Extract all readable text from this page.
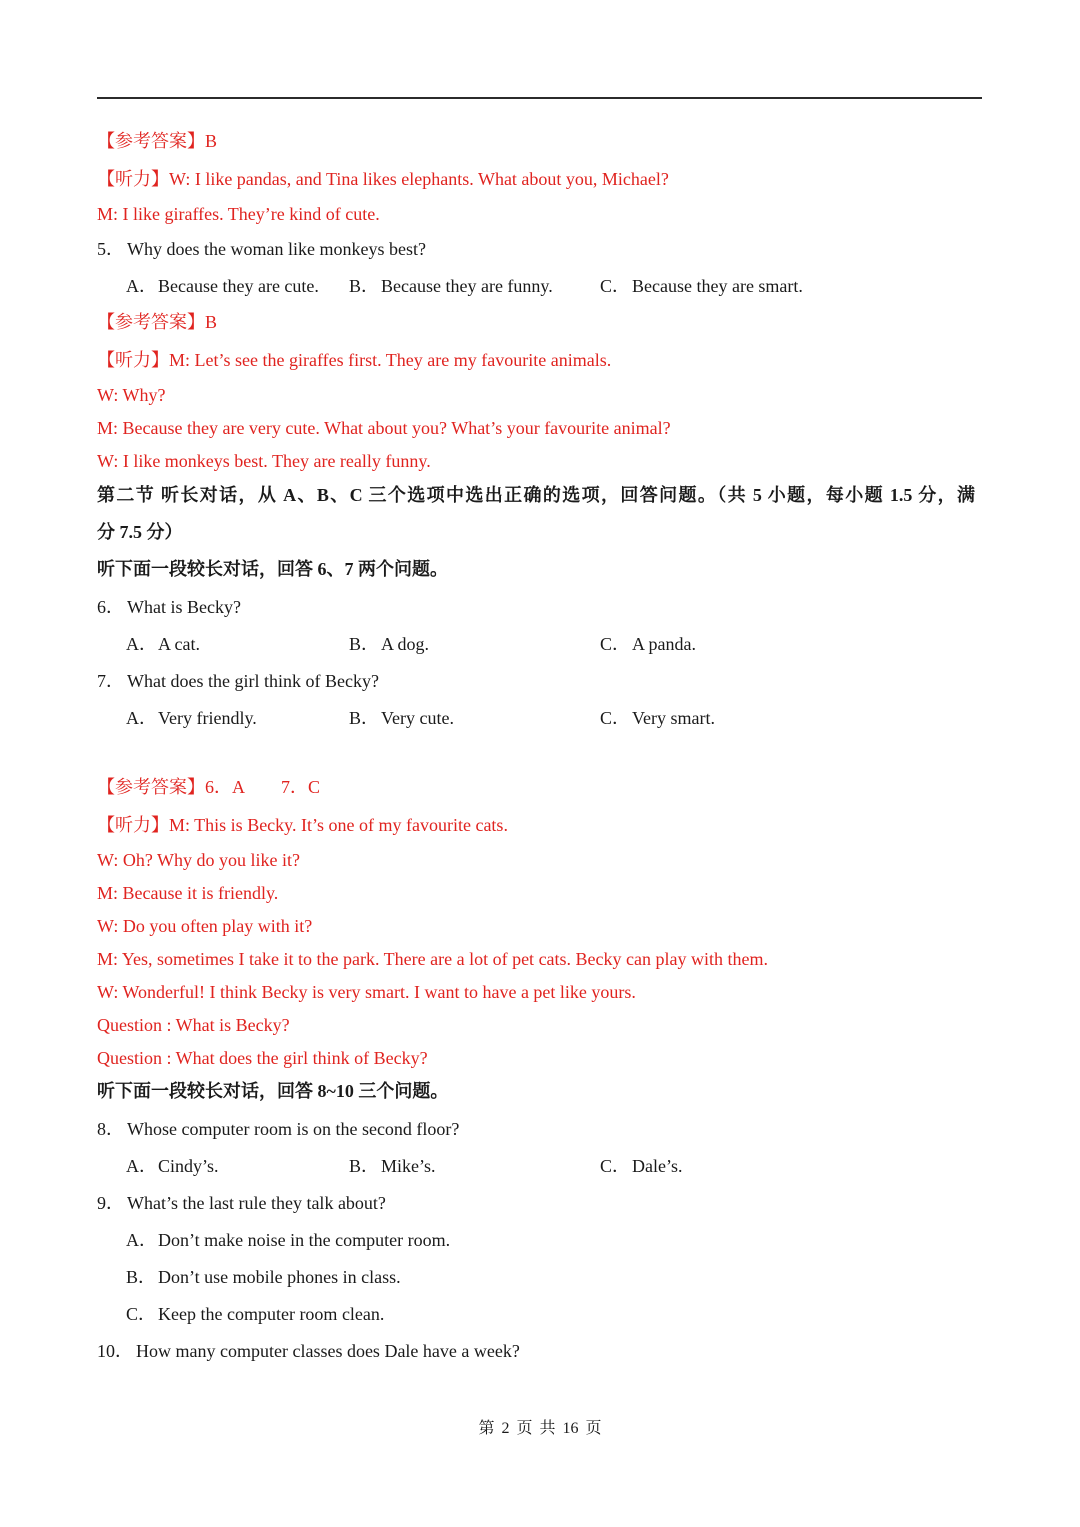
【参考答案】B
【听力】W: I like pandas, and Tina likes elephants. What about you, Michael?
M: I like giraffes. They’re kind of cute.
5． Why does the woman like monkeys best?
A．Because they are cute. B． Because they are funny.	C． Because they are smart.
【参考答案】B
【听力】M: Let’s see the giraffes first. They are my favourite animals.
W: Why?
M: Because they are very cute. What about you? What’s your favourite animal?
W: I like monkeys best. They are really funny.
第二节 听长对话，从 A、B、C 三个选项中选出正确的选项，回答问题。（共 5 小题，每小题 1.5 分，满
分 7.5 分）
听下面一段较长对话，回答 6、7 两个问题。
6． What is Becky?
A．A cat.	B． A dog.	C． A panda.
7． What does the girl think of Becky?
A．Very friendly.	B． Very cute.	C． Very smart.
【参考答案】6．A 7．C
【听力】M: This is Becky. It’s one of my favourite cats.
W: Oh? Why do you like it?
M: Because it is friendly.
W: Do you often play with it?
M: Yes, sometimes I take it to the park. There are a lot of pet cats. Becky can play with them.
W: Wonderful! I think Becky is very smart. I want to have a pet like yours.
Question : What is Becky?
Question : What does the girl think of Becky?
听下面一段较长对话，回答 8~10 三个问题。
8． Whose computer room is on the second floor?
A．Cindy’s.	B． Mike’s.	C． Dale’s.
9． What’s the last rule they talk about?
A．Don’t make noise in the computer room.
B． Don’t use mobile phones in class.
C． Keep the computer room clean.
10． How many computer classes does Dale have a week?
第 2 页 共 16 页
